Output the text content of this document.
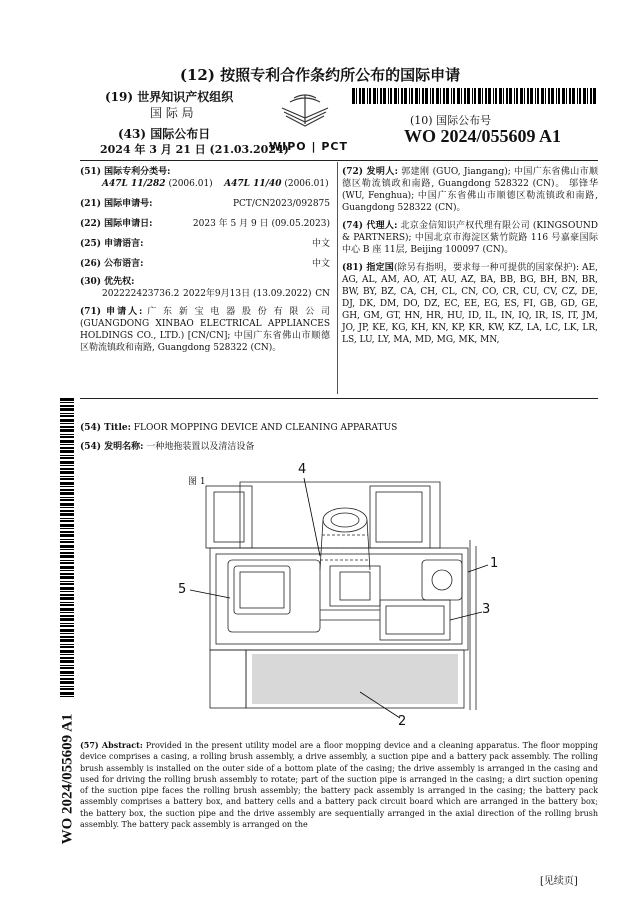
(12) 按照专利合作条约所公布的国际申请
(19) 世界知识产权组织
国 际 局
(43) 国际公布日
2024 年 3 月 21 日 (21.03.2024)
WIPO | PCT
(10) 国际公布号
WO 2024/055609 A1
(51) 国际专利分类号:
A47L 11/282 (2006.01) A47L 11/40 (2006.01)
(21) 国际申请号:	PCT/CN2023/092875
(22) 国际申请日:	2023 年 5 月 9 日 (09.05.2023)
(25) 申请语言:	中文
(26) 公布语言:	中文
(30) 优先权:
202222423736.2 2022年9月13日 (13.09.2022) CN
(71) 申请人: 广 东 新 宝 电 器 股 份 有 限 公 司 (GUANGDONG XINBAO ELECTRICAL APPLIANCES HOLDINGS CO., LTD.) [CN/CN]; 中国广东省佛山市顺德区勒流镇政和南路, Guangdong 528322 (CN)。
(72) 发明人: 郭建刚 (GUO, Jiangang); 中国广东省佛山市顺德区勒流镇政和南路, Guangdong 528322 (CN)。 邬锋华 (WU, Fenghua); 中国广东省佛山市顺德区勒流镇政和南路, Guangdong 528322 (CN)。
(74) 代理人: 北京金信知识产权代理有限公司 (KINGSOUND & PARTNERS); 中国北京市海淀区紫竹院路 116 号嘉豪国际中心 B 座 11层, Beijing 100097 (CN)。
(81) 指定国(除另有指明，要求每一种可提供的国家保护): AE, AG, AL, AM, AO, AT, AU, AZ, BA, BB, BG, BH, BN, BR, BW, BY, BZ, CA, CH, CL, CN, CO, CR, CU, CV, CZ, DE, DJ, DK, DM, DO, DZ, EC, EE, EG, ES, FI, GB, GD, GE, GH, GM, GT, HN, HR, HU, ID, IL, IN, IQ, IR, IS, IT, JM, JO, JP, KE, KG, KH, KN, KP, KR, KW, KZ, LA, LC, LK, LR, LS, LU, LY, MA, MD, MG, MK, MN,
WO 2024/055609 A1
(54) Title: FLOOR MOPPING DEVICE AND CLEANING APPARATUS
(54) 发明名称: 一种地拖装置以及清洁设备
图 1
4
1
5
3
2
(57) Abstract: Provided in the present utility model are a floor mopping device and a cleaning apparatus. The floor mopping device comprises a casing, a rolling brush assembly, a drive assembly, a suction pipe and a battery pack assembly. The rolling brush assembly is installed on the outer side of a bottom plate of the casing; the drive assembly is arranged in the casing and used for driving the rolling brush assembly to rotate; part of the suction pipe is arranged in the casing; a dirt suction opening of the suction pipe faces the rolling brush assembly; the battery pack assembly is arranged in the casing; the battery pack assembly comprises a battery box, and battery cells and a battery pack circuit board which are arranged in the battery box; the battery box, the suction pipe and the drive assembly are sequentially arranged in the axial direction of the rolling brush assembly. The battery pack assembly is arranged on the
[见续页]
